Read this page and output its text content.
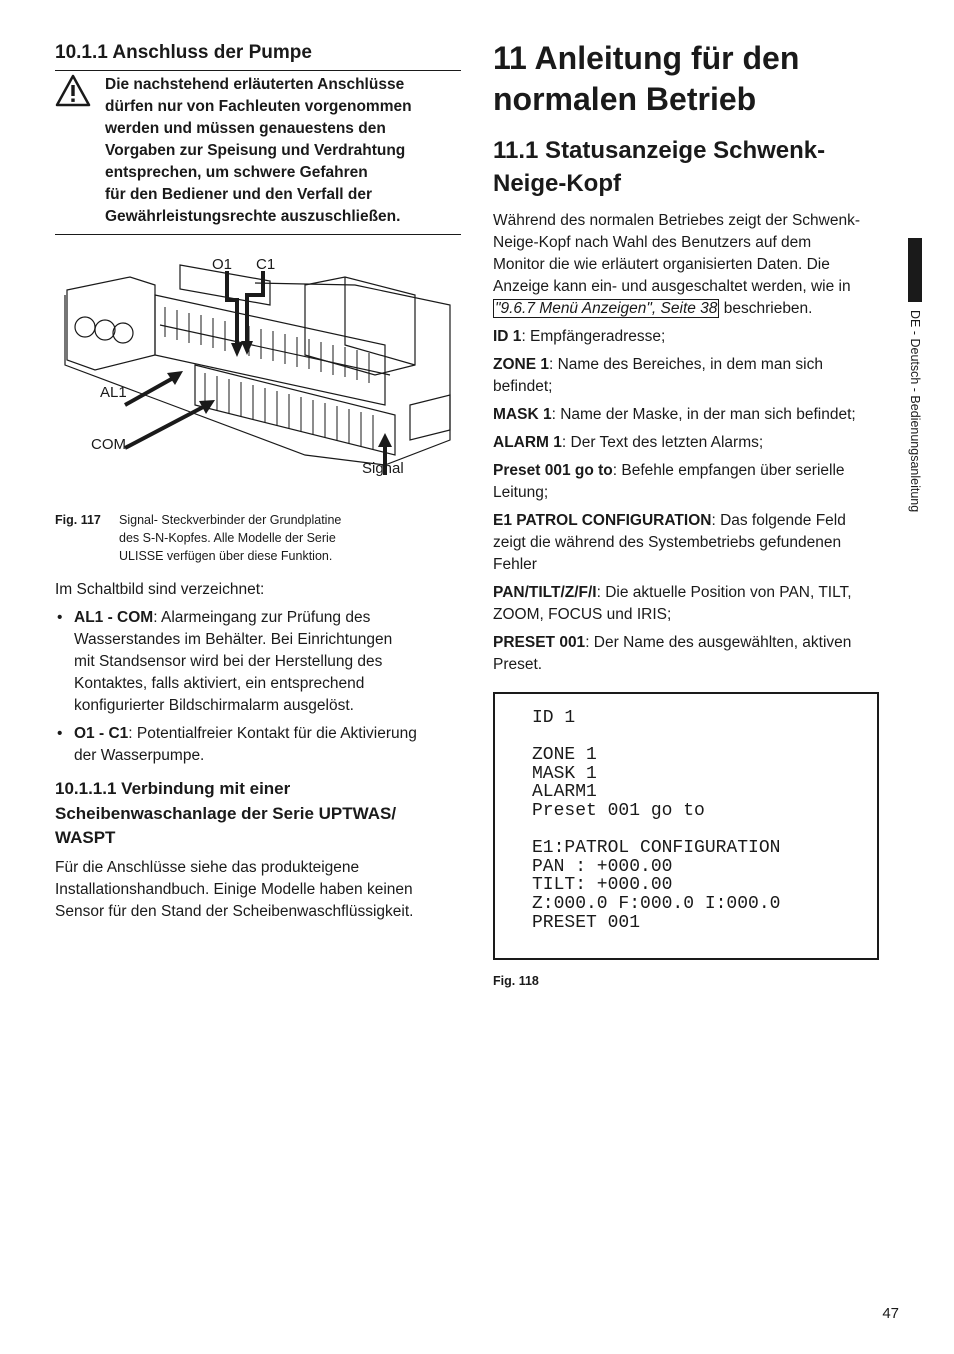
10.1.1 Anschluss der Pumpe
Die nachstehend erläuterten Anschlüsse
dürfen nur von Fachleuten vorgenommen
werden und müssen genauestens den
Vorgaben zur Speisung und Verdrahtung
entsprechen, um schwere Gefahren
für den Bediener und den Verfall der
Gewährleistungsrechte auszuschließen.
O1 C1
AL1
COM
Signal
Fig. 117	Signal- Steckverbinder der Grundplatine
des S-N-Kopfes. Alle Modelle der Serie
ULISSE verfügen über diese Funktion.

Im Schaltbild sind verzeichnet:

• AL1 - COM: Alarmeingang zur Prüfung des
Wasserstandes im Behälter. Bei Einrichtungen
mit Standsensor wird bei der Herstellung des
Kontaktes, falls aktiviert, ein entsprechend
konfigurierter Bildschirmalarm ausgelöst.
• O1 - C1: Potentialfreier Kontakt für die Aktivierung
der Wasserpumpe.
10.1.1.1 Verbindung mit einer
Scheibenwaschanlage der Serie UPTWAS/
WASPT
Für die Anschlüsse siehe das produkteigene
Installationshandbuch. Einige Modelle haben keinen
Sensor für den Stand der Scheibenwaschflüssigkeit.
11 Anleitung für den
normalen Betrieb
11.1 Statusanzeige Schwenk-
Neige-Kopf
Während des normalen Betriebes zeigt der Schwenk-
Neige-Kopf nach Wahl des Benutzers auf dem
Monitor die wie erläutert organisierten Daten. Die
Anzeige kann ein- und ausgeschaltet werden, wie in
"9.6.7 Menü Anzeigen", Seite 38 beschrieben.
ID 1: Empfängeradresse;
ZONE 1: Name des Bereiches, in dem man sich
befindet;
MASK 1: Name der Maske, in der man sich befindet;
ALARM 1: Der Text des letzten Alarms;
Preset 001 go to: Befehle empfangen über serielle
Leitung;
E1 PATROL CONFIGURATION: Das folgende Feld
zeigt die während des Systembetriebs gefundenen
Fehler
PAN/TILT/Z/F/I: Die aktuelle Position von PAN, TILT,
ZOOM, FOCUS und IRIS;
PRESET 001: Der Name des ausgewählten, aktiven
Preset.
ID 1

ZONE 1
MASK 1
ALARM1
Preset 001 go to

E1:PATROL CONFIGURATION
PAN : +000.00
TILT: +000.00
Z:000.0 F:000.0 I:000.0
PRESET 001
Fig. 118
DE - Deutsch - Bedienungsanleitung
47
